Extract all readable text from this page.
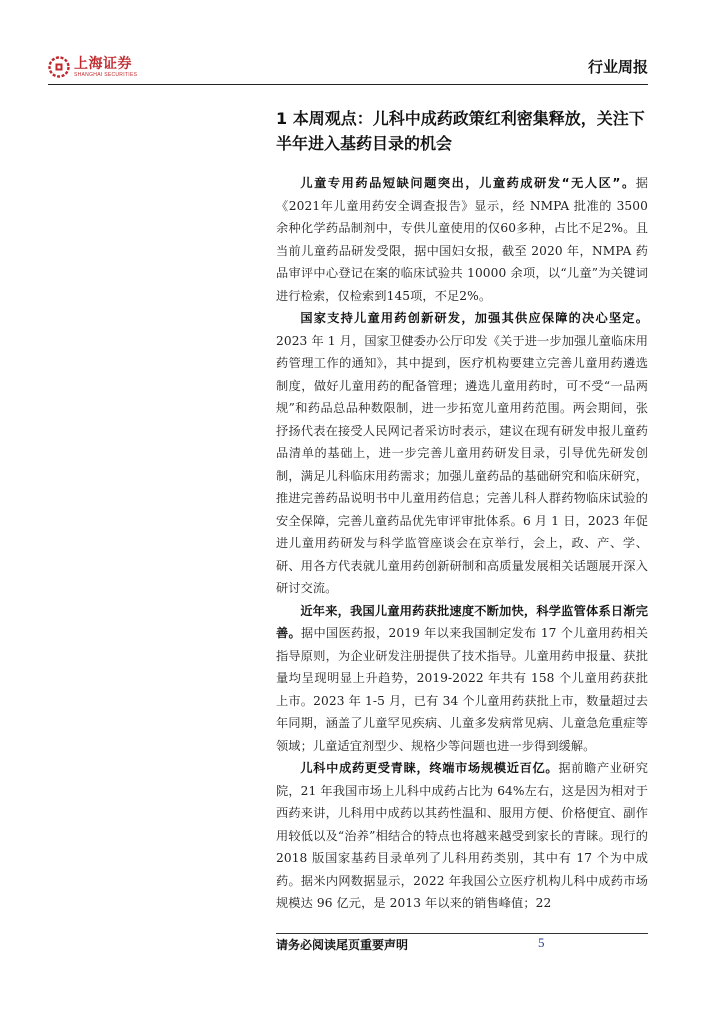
上海证券
SHANGHAI SECURITIES	行业周报
1 本周观点：儿科中成药政策红利密集释放，关注下半年进入基药目录的机会

儿童专用药品短缺问题突出，儿童药成研发“无人区”。据《2021年儿童用药安全调查报告》显示，经 NMPA 批准的 3500 余种化学药品制剂中，专供儿童使用的仅60多种，占比不足2%。且当前儿童药品研发受限，据中国妇女报，截至 2020 年，NMPA 药品审评中心登记在案的临床试验共 10000 余项，以“儿童”为关键词进行检索，仅检索到145项，不足2%。

国家支持儿童用药创新研发，加强其供应保障的决心坚定。2023 年 1 月，国家卫健委办公厅印发《关于进一步加强儿童临床用药管理工作的通知》，其中提到，医疗机构要建立完善儿童用药遴选制度，做好儿童用药的配备管理；遴选儿童用药时，可不受“一品两规”和药品总品种数限制，进一步拓宽儿童用药范围。两会期间，张抒扬代表在接受人民网记者采访时表示，建议在现有研发申报儿童药品清单的基础上，进一步完善儿童用药研发目录，引导优先研发创制，满足儿科临床用药需求；加强儿童药品的基础研究和临床研究，推进完善药品说明书中儿童用药信息；完善儿科人群药物临床试验的安全保障，完善儿童药品优先审评审批体系。6 月 1 日，2023 年促进儿童用药研发与科学监管座谈会在京举行，会上，政、产、学、研、用各方代表就儿童用药创新研制和高质量发展相关话题展开深入研讨交流。

近年来，我国儿童用药获批速度不断加快，科学监管体系日渐完善。据中国医药报，2019 年以来我国制定发布 17 个儿童用药相关指导原则，为企业研发注册提供了技术指导。儿童用药申报量、获批量均呈现明显上升趋势，2019-2022 年共有 158 个儿童用药获批上市。2023 年 1-5 月，已有 34 个儿童用药获批上市，数量超过去年同期，涵盖了儿童罕见疾病、儿童多发病常见病、儿童急危重症等领域；儿童适宜剂型少、规格少等问题也进一步得到缓解。

儿科中成药更受青睐，终端市场规模近百亿。据前瞻产业研究院，21 年我国市场上儿科中成药占比为 64%左右，这是因为相对于西药来讲，儿科用中成药以其药性温和、服用方便、价格便宜、副作用较低以及“治养”相结合的特点也将越来越受到家长的青睐。现行的 2018 版国家基药目录单列了儿科用药类别，其中有 17 个为中成药。据米内网数据显示，2022 年我国公立医疗机构儿科中成药市场规模达 96 亿元，是 2013 年以来的销售峰值；22

请务必阅读尾页重要声明	5
